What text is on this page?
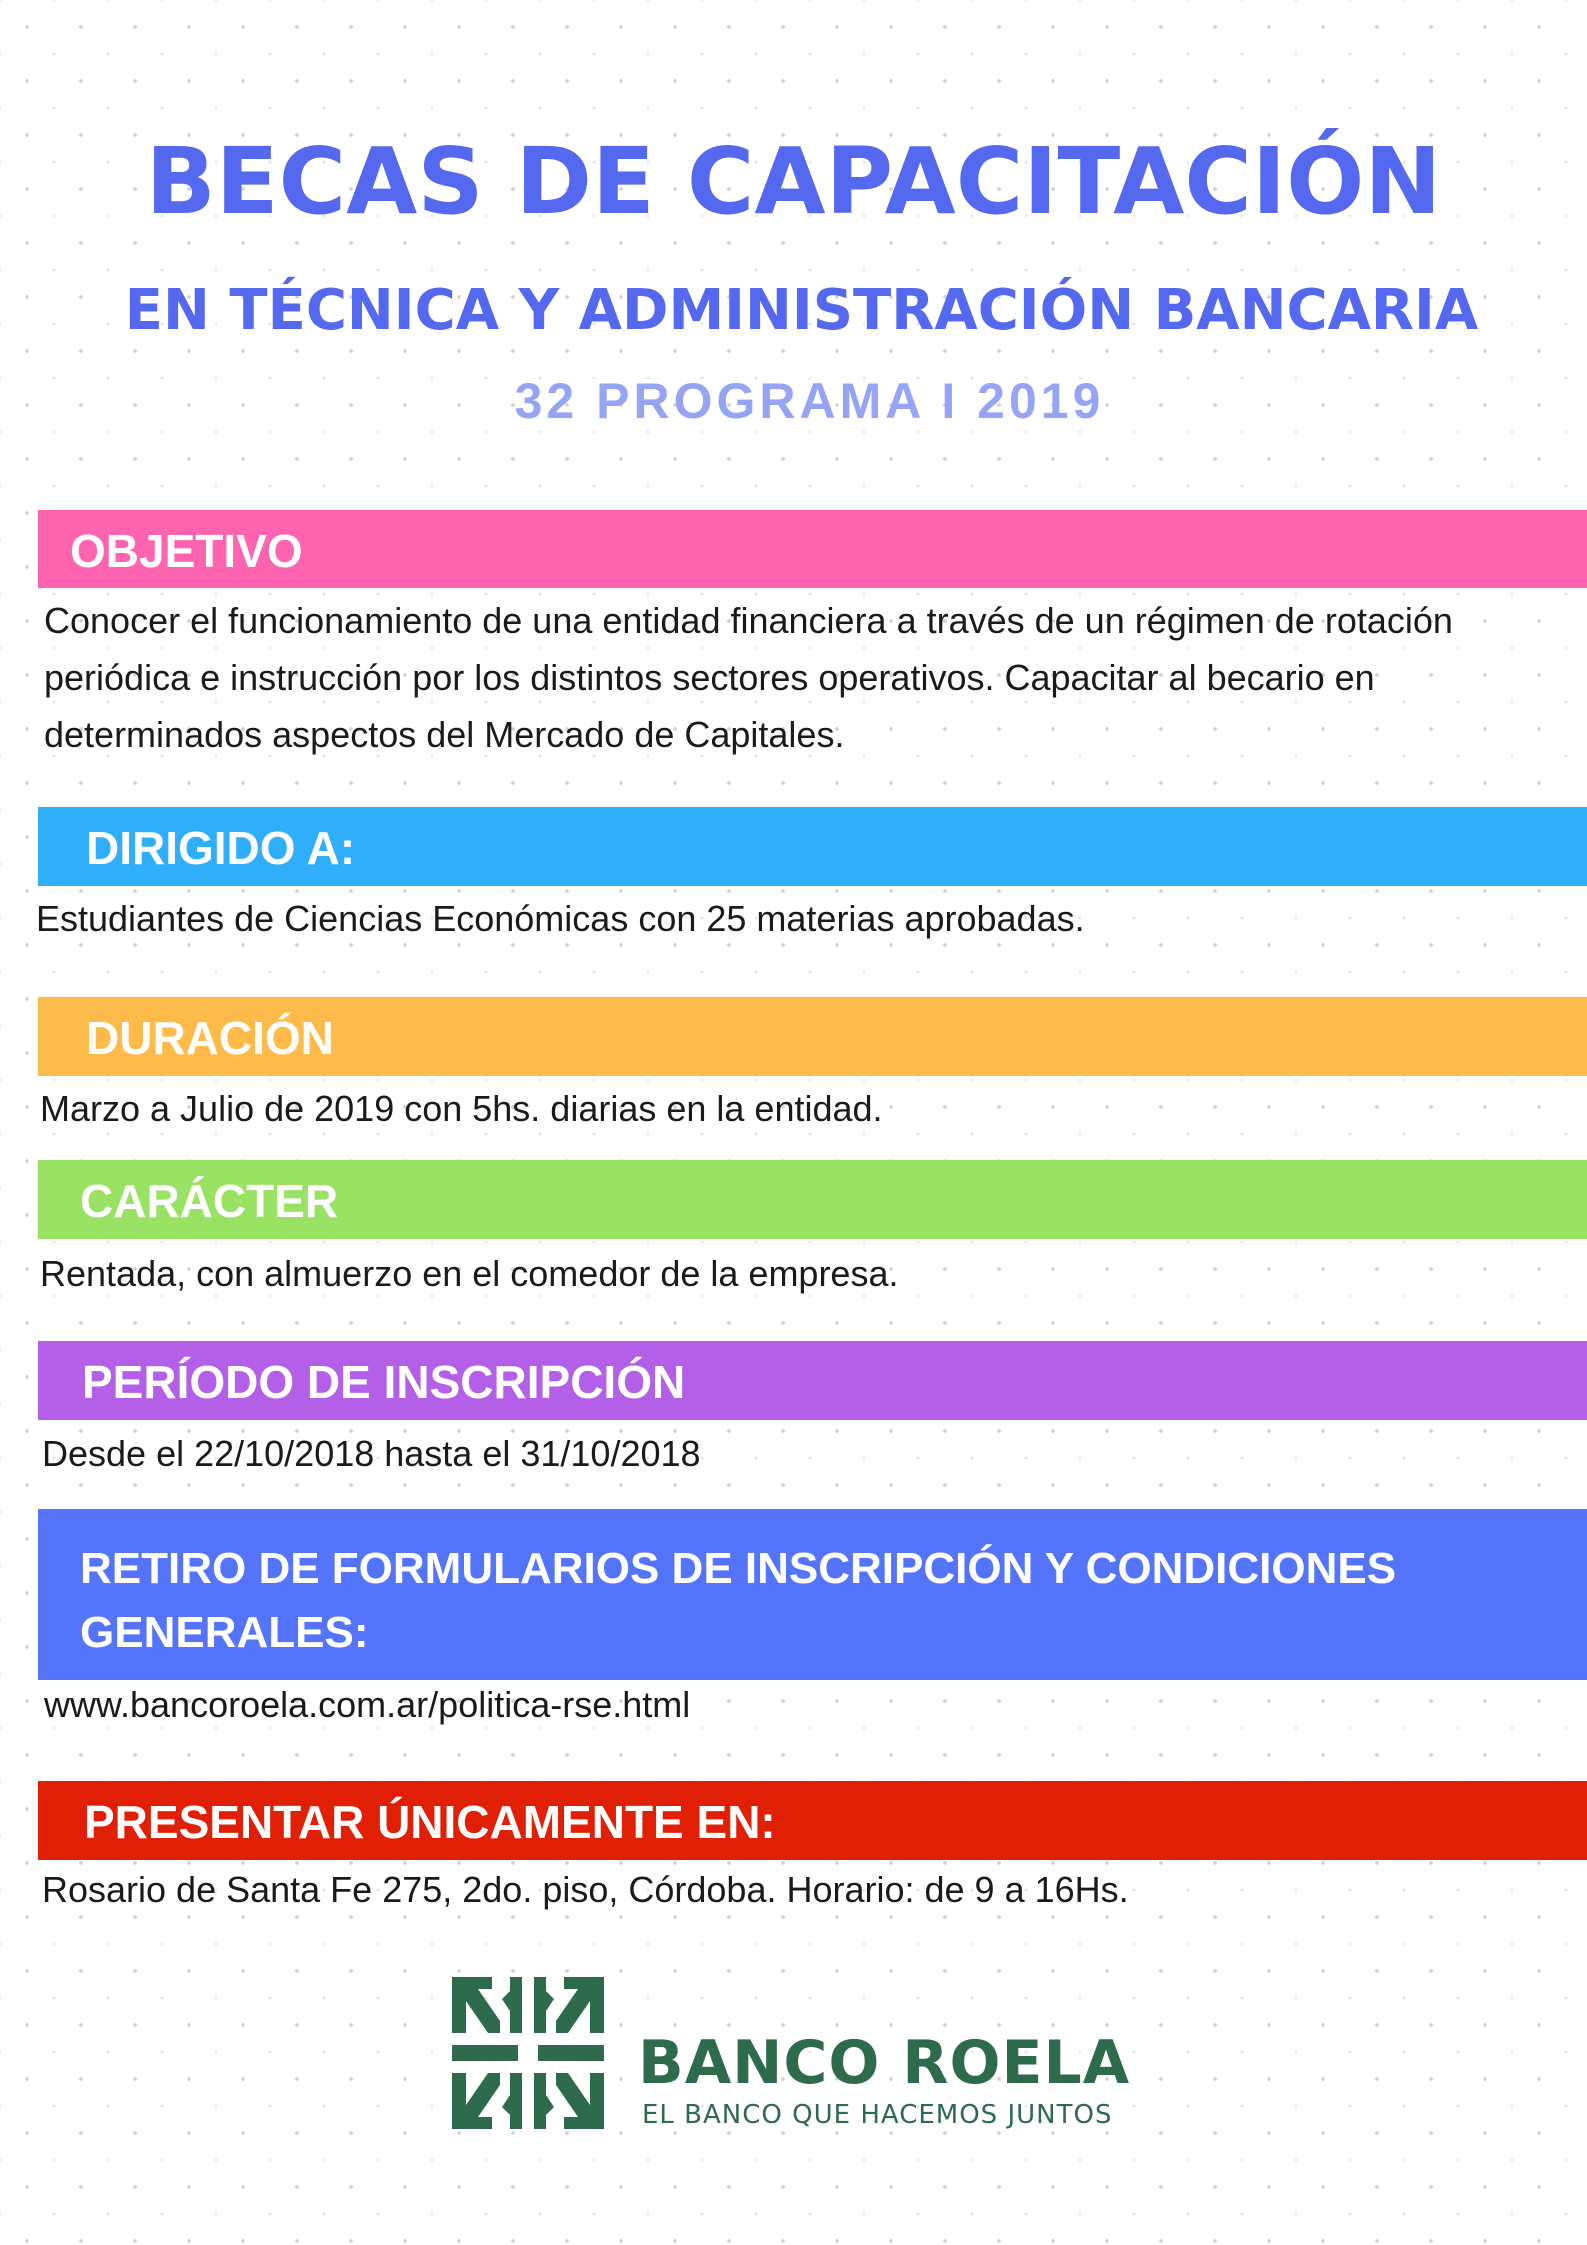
BECAS DE CAPACITACIÓN
EN TÉCNICA Y ADMINISTRACIÓN BANCARIA
32 PROGRAMA I 2019
OBJETIVO

Conocer el funcionamiento de una entidad financiera a través de un régimen de rotación periódica e instrucción por los distintos sectores operativos. Capacitar al becario en determinados aspectos del Mercado de Capitales.

DIRIGIDO A:

Estudiantes de Ciencias Económicas con 25 materias aprobadas.

DURACIÓN

Marzo a Julio de 2019 con 5hs. diarias en la entidad.

CARÁCTER

Rentada, con almuerzo en el comedor de la empresa.

PERÍODO DE INSCRIPCIÓN

Desde el 22/10/2018 hasta el 31/10/2018

RETIRO DE FORMULARIOS DE INSCRIPCIÓN Y CONDICIONES
GENERALES:

www.bancoroela.com.ar/politica-rse.html

PRESENTAR ÚNICAMENTE EN:

Rosario de Santa Fe 275, 2do. piso, Córdoba. Horario: de 9 a 16Hs.

BANCO ROELA
EL BANCO QUE HACEMOS JUNTOS
